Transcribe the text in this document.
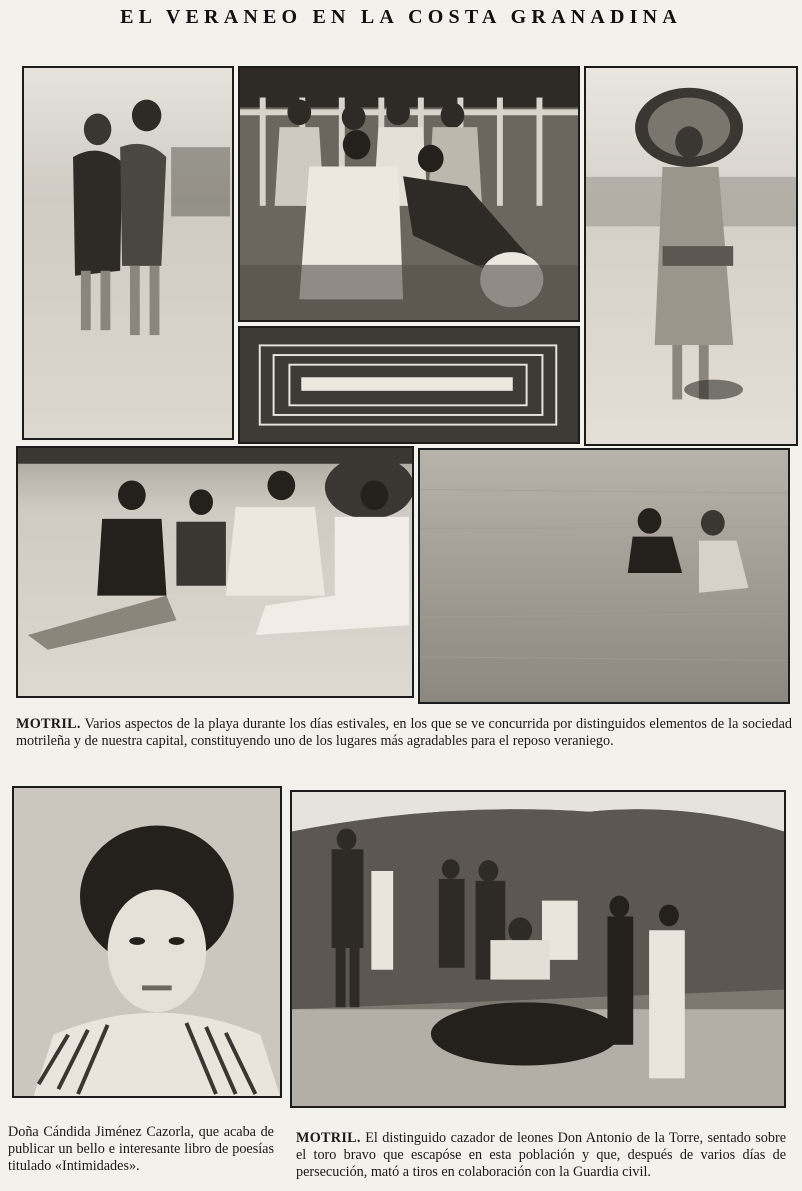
EL VERANEO EN LA COSTA GRANADINA
MOTRIL. Varios aspectos de la playa durante los días estivales, en los que se ve concurrida por distinguidos elementos de la sociedad motrileña y de nuestra capital, constituyendo uno de los lugares más agradables para el reposo veraniego.
Doña Cándida Jiménez Cazorla, que acaba de publicar un bello e interesante libro de poesías titulado «Intimidades».
MOTRIL. El distinguido cazador de leones Don Antonio de la Torre, sentado sobre el toro bravo que escapóse en esta población y que, después de varios días de persecución, mató a tiros en colaboración con la Guardia civil.
